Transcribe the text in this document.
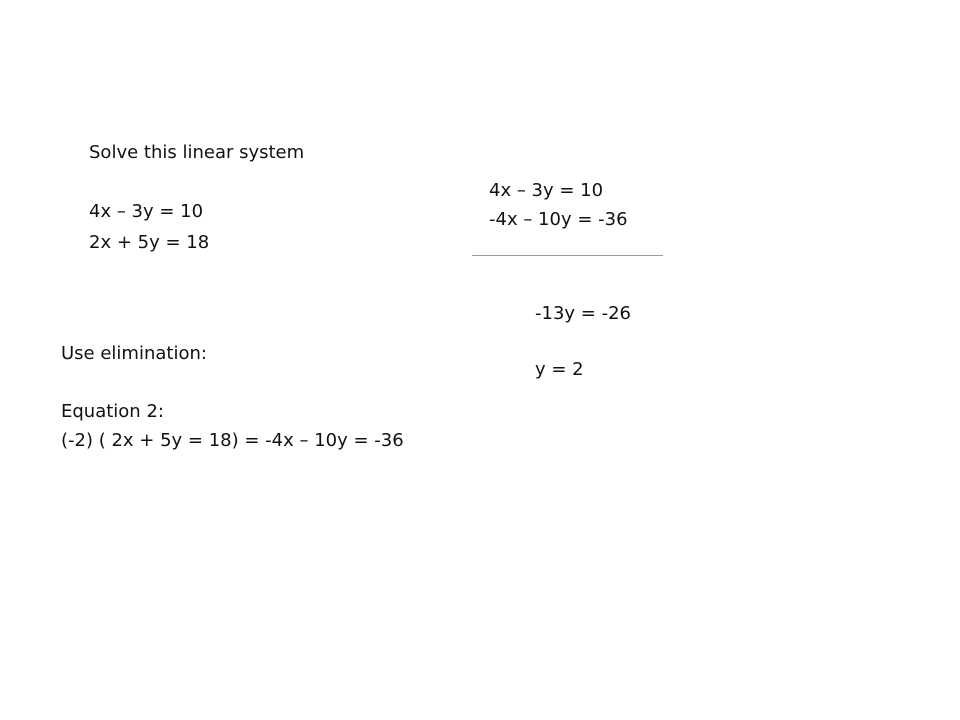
Solve this linear system

4x – 3y = 10

2x + 5y = 18

4x – 3y = 10

-4x – 10y = -36

-13y = -26

y = 2

Use elimination:

Equation 2:

(-2) ( 2x + 5y = 18) = -4x – 10y = -36
